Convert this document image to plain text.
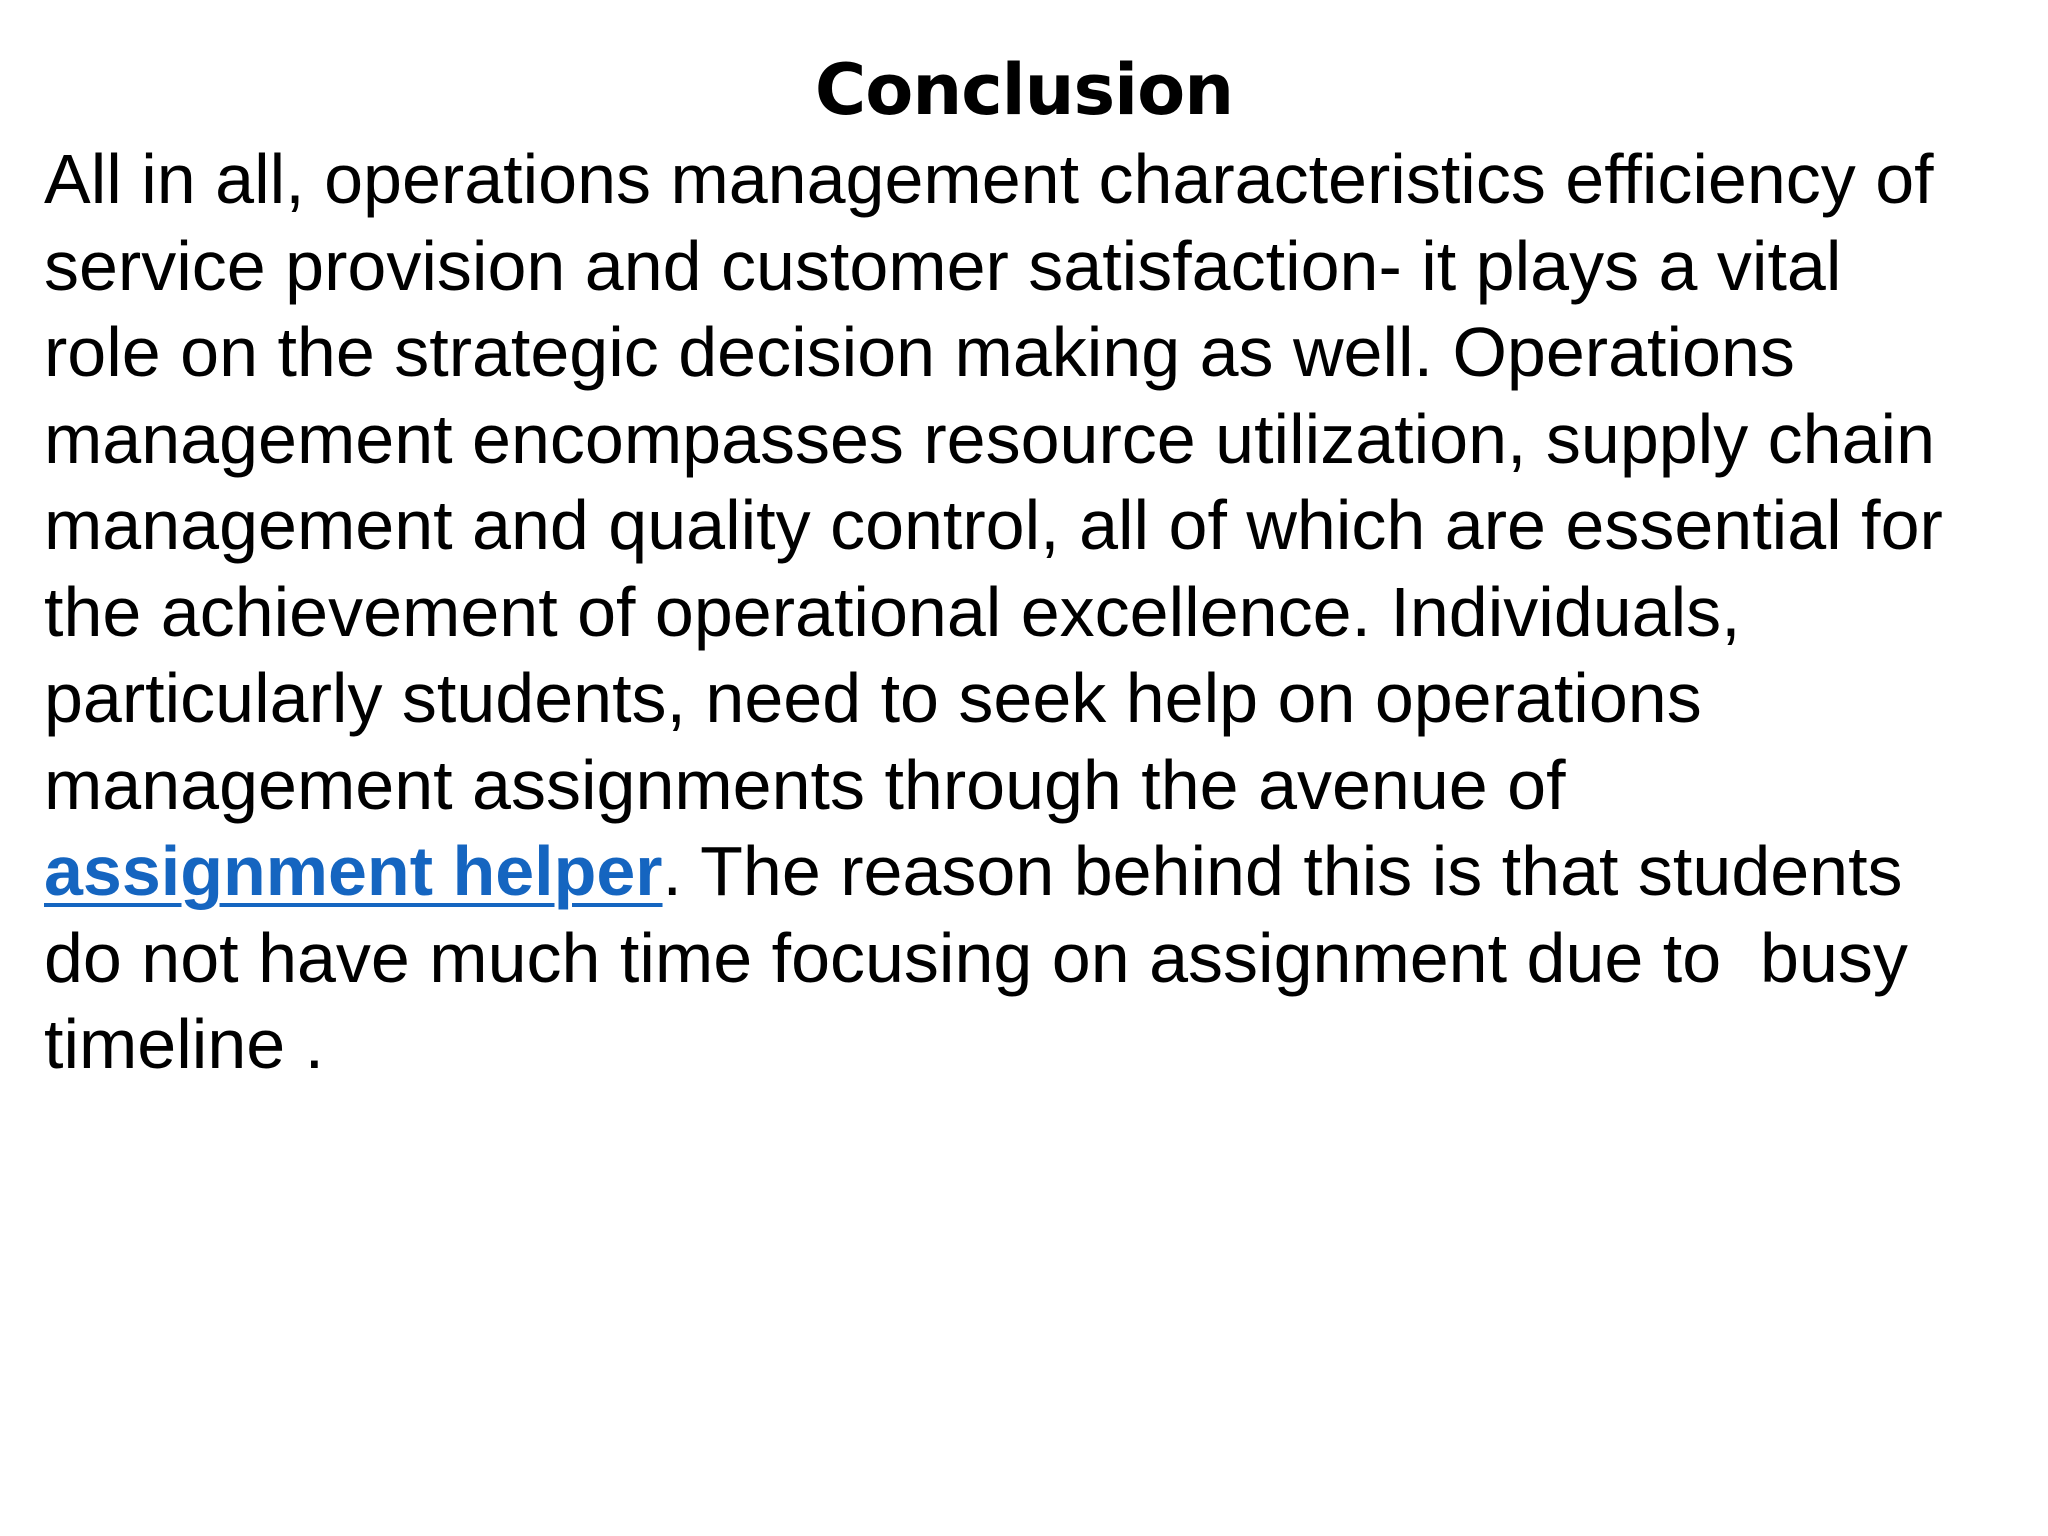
Conclusion
All in all, operations management characteristics efficiency of
service provision and customer satisfaction- it plays a vital
role on the strategic decision making as well. Operations
management encompasses resource utilization, supply chain
management and quality control, all of which are essential for
the achievement of operational excellence. Individuals,
particularly students, need to seek help on operations
management assignments through the avenue of
assignment helper. The reason behind this is that students
do not have much time focusing on assignment due to  busy
timeline .
